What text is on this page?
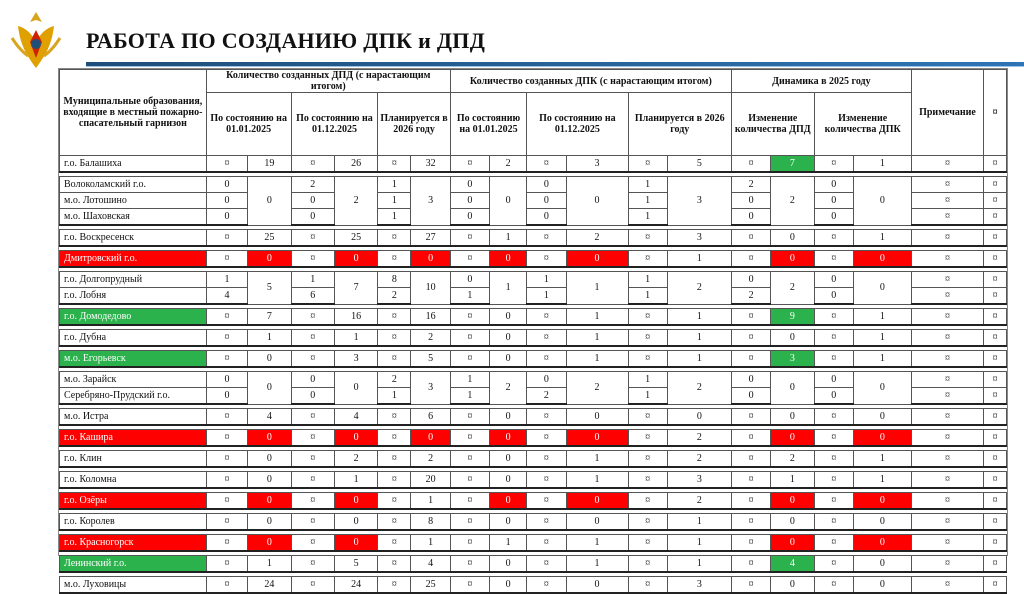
РАБОТА ПО СОЗДАНИЮ ДПК и ДПД
Муниципальные образования, входящие в местный пожарно-спасательный гарнизон	Количество созданных ДПД (с нарастающим итогом)						Количество созданных ДПК (с нарастающим итогом)						Динамика в 2025 году				Примечание	¤
	По состоянию на 01.01.2025		По состоянию на 01.12.2025		Планируется в 2026 году		По состоянию на 01.01.2025		По состоянию на 01.12.2025		Планируется в 2026 году		Изменение количества ДПД		Изменение количества ДПК			
г.о. Балашиха	¤	19	¤	26	¤	32	¤	2	¤	3	¤	5	¤	7	¤	1	¤	¤

Волоколамский г.о.	0	0	2	2	1	3	0	0	0	0	1	3	2	2	0	0	¤	¤
м.о. Лотошино	0		0		1		0		0		1		0		0		¤	¤
м.о. Шаховская	0		0		1		0		0		1		0		0		¤	¤

г.о. Воскресенск	¤	25	¤	25	¤	27	¤	1	¤	2	¤	3	¤	0	¤	1	¤	¤

Дмитровский г.о.	¤	0	¤	0	¤	0	¤	0	¤	0	¤	1	¤	0	¤	0	¤	¤

г.о. Долгопрудный	1	5	1	7	8	10	0	1	1	1	1	2	0	2	0	0	¤	¤
г.о. Лобня	4		6		2		1		1		1		2		0		¤	¤

г.о. Домодедово	¤	7	¤	16	¤	16	¤	0	¤	1	¤	1	¤	9	¤	1	¤	¤

г.о. Дубна	¤	1	¤	1	¤	2	¤	0	¤	1	¤	1	¤	0	¤	1	¤	¤

м.о. Егорьевск	¤	0	¤	3	¤	5	¤	0	¤	1	¤	1	¤	3	¤	1	¤	¤

м.о. Зарайск	0	0	0	0	2	3	1	2	0	2	1	2	0	0	0	0	¤	¤
Серебряно-Прудский г.о.	0		0		1		1		2		1		0		0		¤	¤

м.о. Истра	¤	4	¤	4	¤	6	¤	0	¤	0	¤	0	¤	0	¤	0	¤	¤

г.о. Кашира	¤	0	¤	0	¤	0	¤	0	¤	0	¤	2	¤	0	¤	0	¤	¤

г.о. Клин	¤	0	¤	2	¤	2	¤	0	¤	1	¤	2	¤	2	¤	1	¤	¤

г.о. Коломна	¤	0	¤	1	¤	20	¤	0	¤	1	¤	3	¤	1	¤	1	¤	¤

г.о. Озёры	¤	0	¤	0	¤	1	¤	0	¤	0	¤	2	¤	0	¤	0	¤	¤

г.о. Королев	¤	0	¤	0	¤	8	¤	0	¤	0	¤	1	¤	0	¤	0	¤	¤

г.о. Красногорск	¤	0	¤	0	¤	1	¤	1	¤	1	¤	1	¤	0	¤	0	¤	¤

Ленинский г.о.	¤	1	¤	5	¤	4	¤	0	¤	1	¤	1	¤	4	¤	0	¤	¤

м.о. Луховицы	¤	24	¤	24	¤	25	¤	0	¤	0	¤	3	¤	0	¤	0	¤	¤
